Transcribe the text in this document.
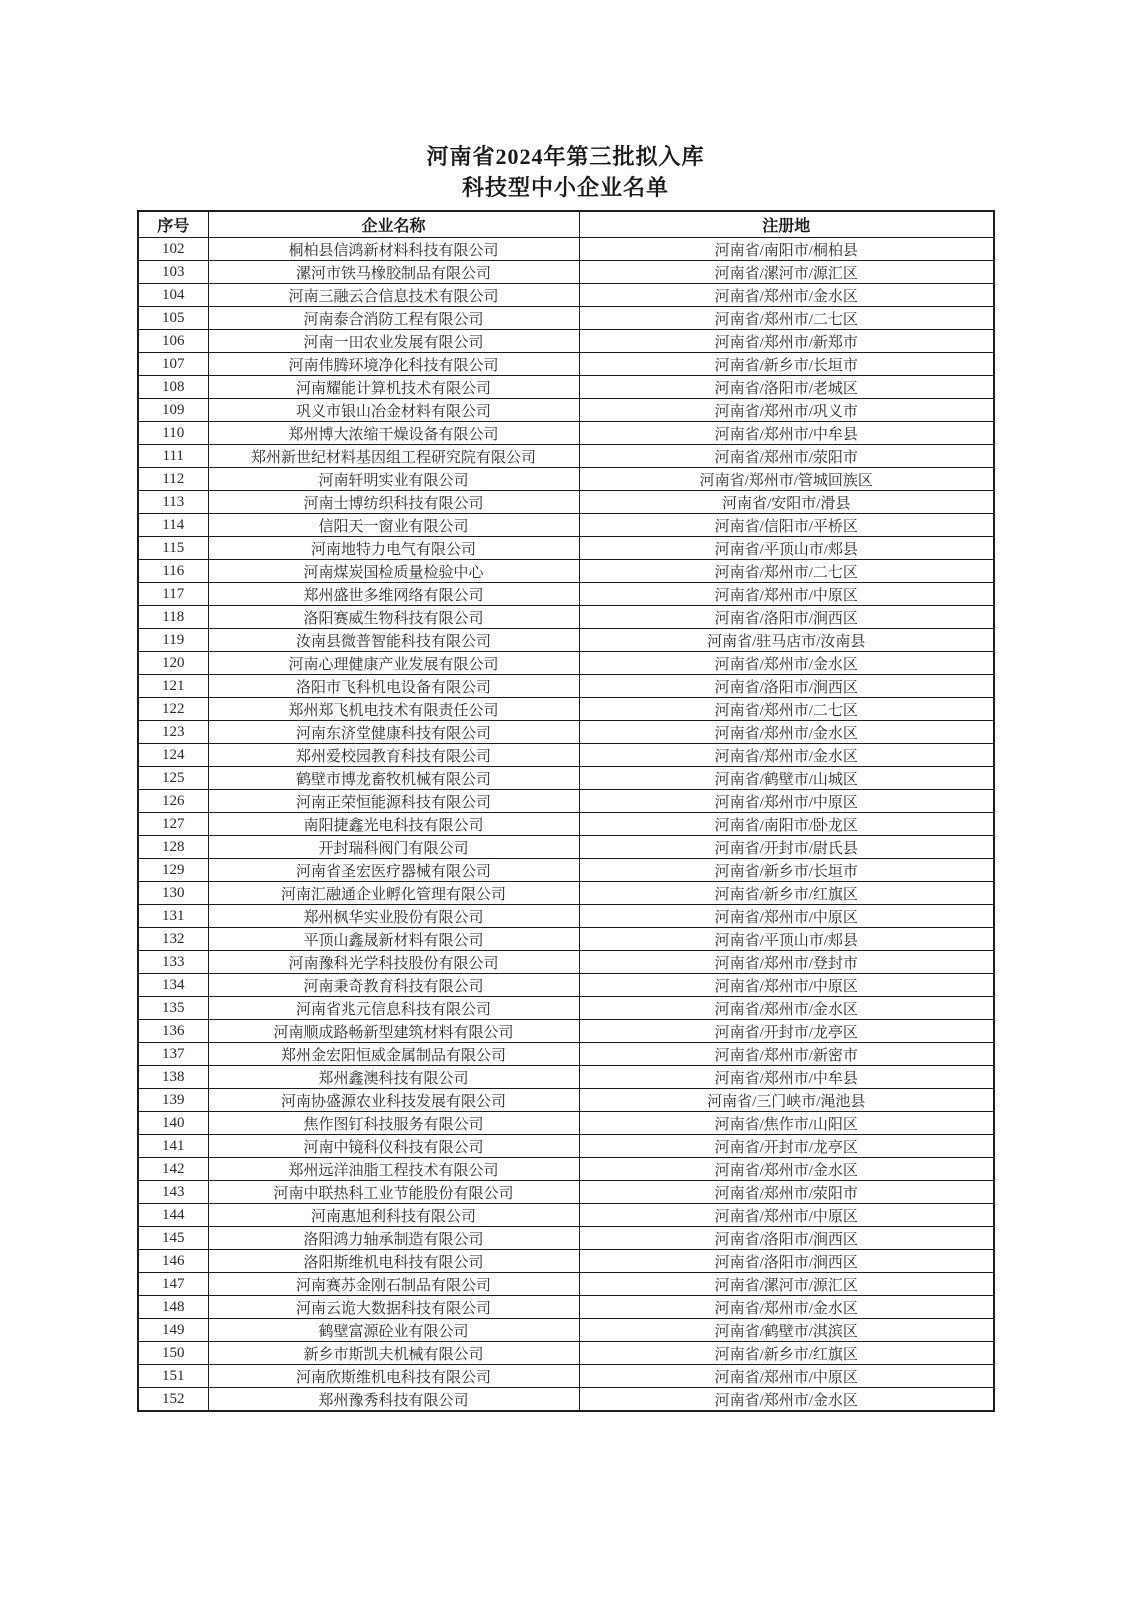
河南省2024年第三批拟入库
科技型中小企业名单
序号	企业名称	注册地
102	桐柏县信鸿新材料科技有限公司	河南省/南阳市/桐柏县
103	漯河市铁马橡胶制品有限公司	河南省/漯河市/源汇区
104	河南三融云合信息技术有限公司	河南省/郑州市/金水区
105	河南泰合消防工程有限公司	河南省/郑州市/二七区
106	河南一田农业发展有限公司	河南省/郑州市/新郑市
107	河南伟腾环境净化科技有限公司	河南省/新乡市/长垣市
108	河南耀能计算机技术有限公司	河南省/洛阳市/老城区
109	巩义市银山冶金材料有限公司	河南省/郑州市/巩义市
110	郑州博大浓缩干燥设备有限公司	河南省/郑州市/中牟县
111	郑州新世纪材料基因组工程研究院有限公司	河南省/郑州市/荥阳市
112	河南轩明实业有限公司	河南省/郑州市/管城回族区
113	河南士博纺织科技有限公司	河南省/安阳市/滑县
114	信阳天一窗业有限公司	河南省/信阳市/平桥区
115	河南地特力电气有限公司	河南省/平顶山市/郏县
116	河南煤炭国检质量检验中心	河南省/郑州市/二七区
117	郑州盛世多维网络有限公司	河南省/郑州市/中原区
118	洛阳赛威生物科技有限公司	河南省/洛阳市/涧西区
119	汝南县微普智能科技有限公司	河南省/驻马店市/汝南县
120	河南心理健康产业发展有限公司	河南省/郑州市/金水区
121	洛阳市飞科机电设备有限公司	河南省/洛阳市/涧西区
122	郑州郑飞机电技术有限责任公司	河南省/郑州市/二七区
123	河南东济堂健康科技有限公司	河南省/郑州市/金水区
124	郑州爱校园教育科技有限公司	河南省/郑州市/金水区
125	鹤壁市博龙畜牧机械有限公司	河南省/鹤壁市/山城区
126	河南正荣恒能源科技有限公司	河南省/郑州市/中原区
127	南阳捷鑫光电科技有限公司	河南省/南阳市/卧龙区
128	开封瑞科阀门有限公司	河南省/开封市/尉氏县
129	河南省圣宏医疗器械有限公司	河南省/新乡市/长垣市
130	河南汇融通企业孵化管理有限公司	河南省/新乡市/红旗区
131	郑州枫华实业股份有限公司	河南省/郑州市/中原区
132	平顶山鑫晟新材料有限公司	河南省/平顶山市/郏县
133	河南豫科光学科技股份有限公司	河南省/郑州市/登封市
134	河南秉奇教育科技有限公司	河南省/郑州市/中原区
135	河南省兆元信息科技有限公司	河南省/郑州市/金水区
136	河南顺成路畅新型建筑材料有限公司	河南省/开封市/龙亭区
137	郑州金宏阳恒威金属制品有限公司	河南省/郑州市/新密市
138	郑州鑫澳科技有限公司	河南省/郑州市/中牟县
139	河南协盛源农业科技发展有限公司	河南省/三门峡市/渑池县
140	焦作图钉科技服务有限公司	河南省/焦作市/山阳区
141	河南中镜科仪科技有限公司	河南省/开封市/龙亭区
142	郑州远洋油脂工程技术有限公司	河南省/郑州市/金水区
143	河南中联热科工业节能股份有限公司	河南省/郑州市/荥阳市
144	河南惠旭利科技有限公司	河南省/郑州市/中原区
145	洛阳鸿力轴承制造有限公司	河南省/洛阳市/涧西区
146	洛阳斯维机电科技有限公司	河南省/洛阳市/涧西区
147	河南赛苏金刚石制品有限公司	河南省/漯河市/源汇区
148	河南云诡大数据科技有限公司	河南省/郑州市/金水区
149	鹤壁富源砼业有限公司	河南省/鹤壁市/淇滨区
150	新乡市斯凯夫机械有限公司	河南省/新乡市/红旗区
151	河南欣斯维机电科技有限公司	河南省/郑州市/中原区
152	郑州豫秀科技有限公司	河南省/郑州市/金水区
